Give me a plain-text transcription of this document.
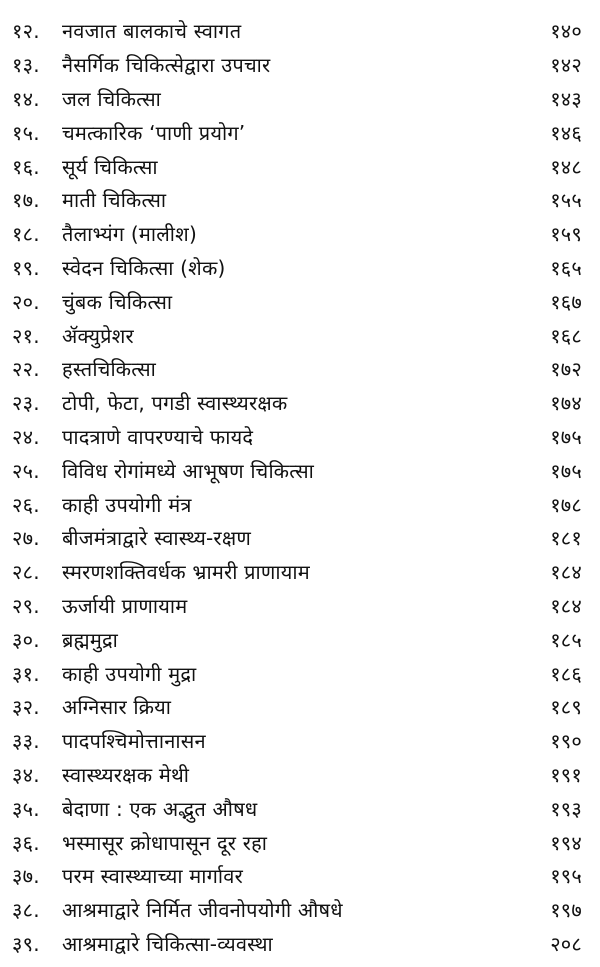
१२.	नवजात बालकाचे स्वागत	१४०
१३.	नैसर्गिक चिकित्सेद्वारा उपचार	१४२
१४.	जल चिकित्सा	१४३
१५.	चमत्कारिक ‘पाणी प्रयोग’	१४६
१६.	सूर्य चिकित्सा	१४८
१७.	माती चिकित्सा	१५५
१८.	तैलाभ्यंग (मालीश)	१५९
१९.	स्वेदन चिकित्सा (शेक)	१६५
२०.	चुंबक चिकित्सा	१६७
२१.	ॲक्युप्रेशर	१६८
२२.	हस्तचिकित्सा	१७२
२३.	टोपी, फेटा, पगडी स्वास्थ्यरक्षक	१७४
२४.	पादत्राणे वापरण्याचे फायदे	१७५
२५.	विविध रोगांमध्ये आभूषण चिकित्सा	१७५
२६.	काही उपयोगी मंत्र	१७८
२७.	बीजमंत्राद्वारे स्वास्थ्य-रक्षण	१८१
२८.	स्मरणशक्तिवर्धक भ्रामरी प्राणायाम	१८४
२९.	ऊर्जायी प्राणायाम	१८४
३०.	ब्रह्ममुद्रा	१८५
३१.	काही उपयोगी मुद्रा	१८६
३२.	अग्निसार क्रिया	१८९
३३.	पादपश्चिमोत्तानासन	१९०
३४.	स्वास्थ्यरक्षक मेथी	१९१
३५.	बेदाणा : एक अद्भुत औषध	१९३
३६.	भस्मासूर क्रोधापासून दूर रहा	१९४
३७.	परम स्वास्थ्याच्या मार्गावर	१९५
३८.	आश्रमाद्वारे निर्मित जीवनोपयोगी औषधे	१९७
३९.	आश्रमाद्वारे चिकित्सा-व्यवस्था	२०८
